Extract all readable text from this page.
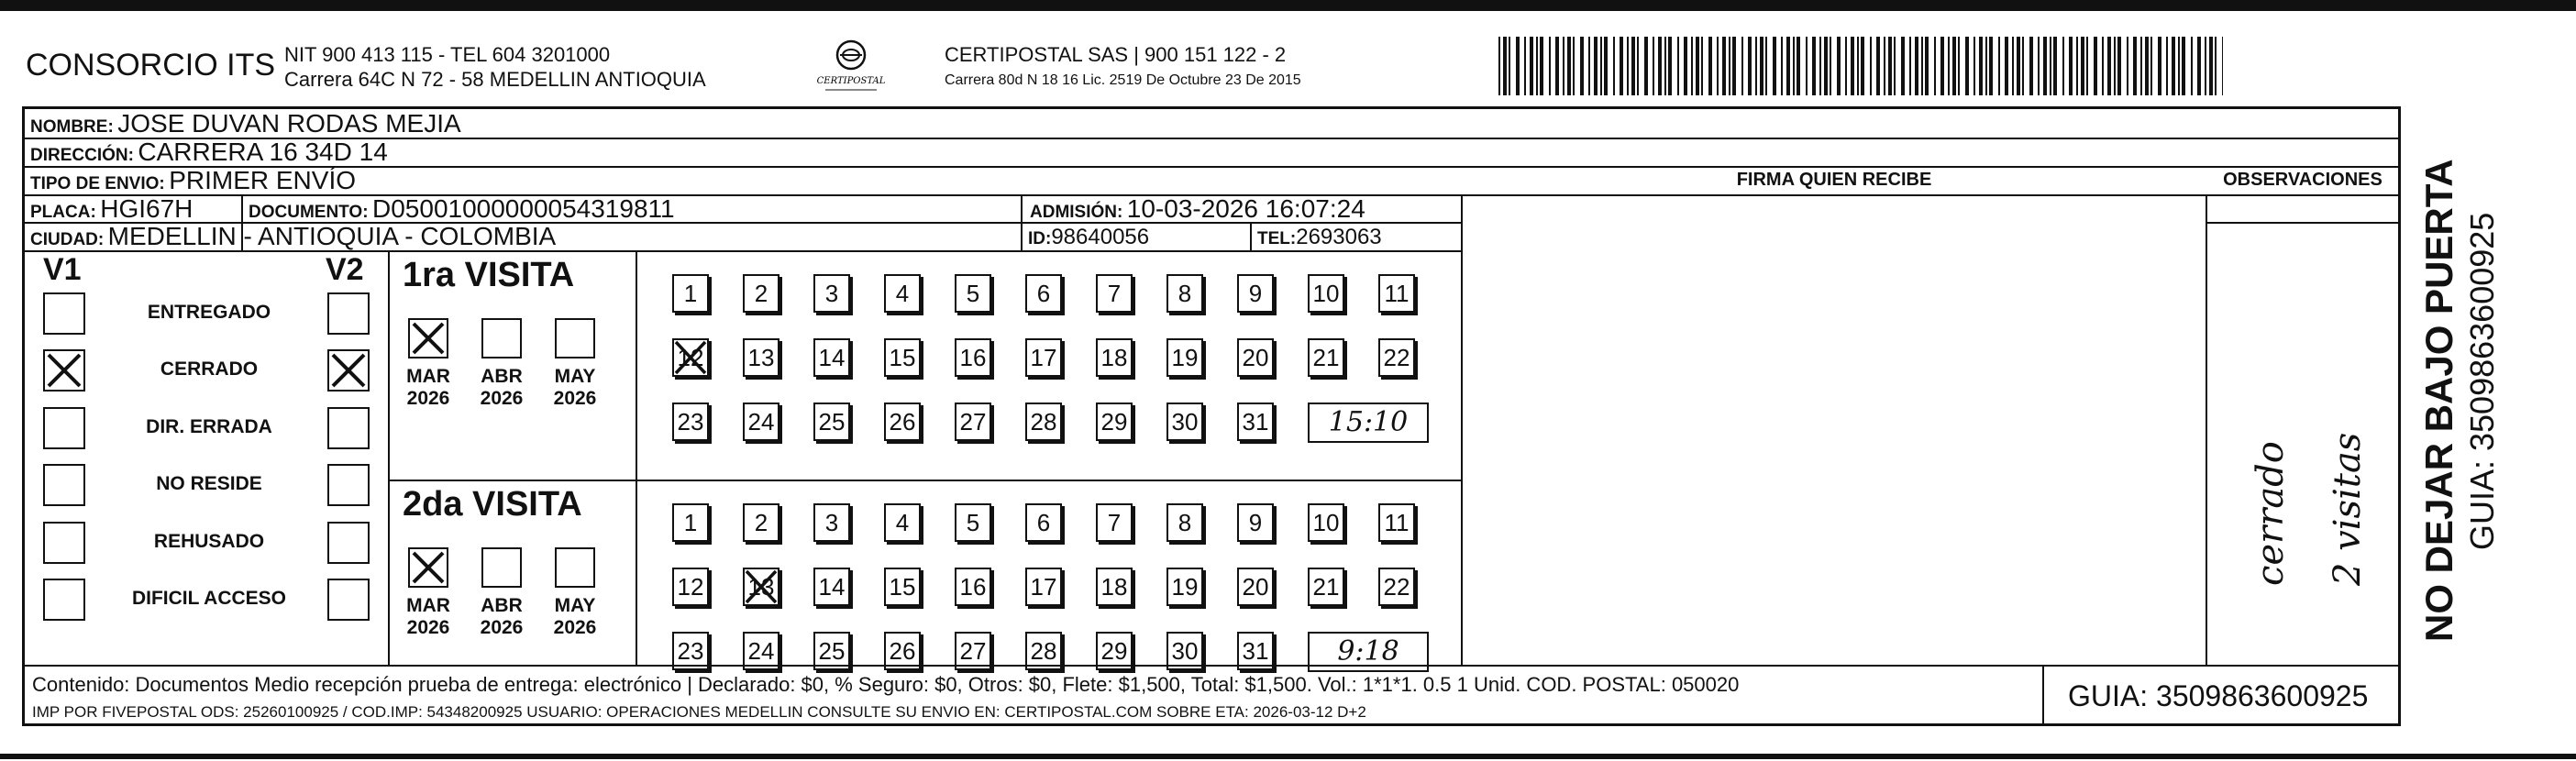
CONSORCIO ITS NIT 900 413 115 - TEL 604 3201000
Carrera 64C N 72 - 58 MEDELLIN ANTIOQUIA	CERTIPOSTAL
CERTIPOSTAL SAS | 900 151 122 - 2
Carrera 80d N 18 16 Lic. 2519 De Octubre 23 De 2015
NOMBRE: JOSE DUVAN RODAS MEJIA
DIRECCIÓN: CARRERA 16 34D 14
TIPO DE ENVIO: PRIMER ENVÍO	FIRMA QUIEN RECIBE	OBSERVACIONES
PLACA: HGI67H	DOCUMENTO: D05001000000054319811	ADMISIÓN: 10-03-2026 16:07:24
CIUDAD: MEDELLIN - ANTIOQUIA - COLOMBIA	ID:98640056	TEL:2693063
V1	V2
ENTREGADO
CERRADO
DIR. ERRADA
NO RESIDE
REHUSADO
DIFICIL ACCESO
1ra VISITA
MAR
2026
ABR
2026
MAY
2026
1	2	3	4	5	6	7	8	9	10 11
12 13 14 15 16 17 18 19 20 21 22
23 24 25 26 27 28 29 30 31	15:10
2da VISITA
MAR
2026
ABR
2026
MAY
2026
1	2	3	4	5	6	7	8	9	10 11
12 13 14 15 16 17 18 19 20 21 22
23 24 25 26 27 28 29 30 31	9:18
cerrado 2 visitas
Contenido: Documentos Medio recepción prueba de entrega: electrónico | Declarado: $0, % Seguro: $0, Otros: $0, Flete: $1,500, Total: $1,500. Vol.: 1*1*1. 0.5 1 Unid. COD. POSTAL: 050020
IMP POR FIVEPOSTAL ODS: 25260100925 / COD.IMP: 54348200925 USUARIO: OPERACIONES MEDELLIN CONSULTE SU ENVIO EN: CERTIPOSTAL.COM SOBRE ETA: 2026-03-12 D+2	GUIA: 3509863600925
NO DEJAR BAJO PUERTA GUIA: 3509863600925
